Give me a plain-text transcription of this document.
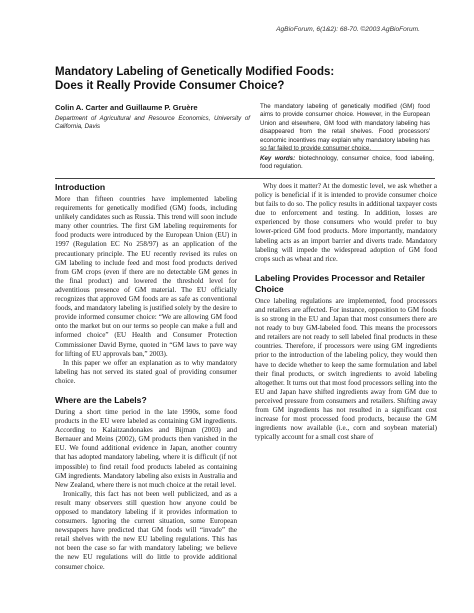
AgBioForum, 6(1&2): 68-70. ©2003 AgBioForum.

Mandatory Labeling of Genetically Modified Foods:
Does it Really Provide Consumer Choice?

Colin A. Carter and Guillaume P. Gruère

Department of Agricultural and Resource Economics, University of California, Davis

The mandatory labeling of genetically modified (GM) food aims to provide consumer choice. However, in the European Union and elsewhere, GM food with mandatory labeling has disappeared from the retail shelves. Food processors' economic incentives may explain why mandatory labeling has so far failed to provide consumer choice.

Key words: biotechnology, consumer choice, food labeling, food regulation.

Introduction

More than fifteen countries have implemented labeling requirements for genetically modified (GM) foods, including unlikely candidates such as Russia. This trend will soon include many other countries. The first GM labeling requirements for food products were introduced by the European Union (EU) in 1997 (Regulation EC No 258/97) as an application of the precautionary principle. The EU recently revised its rules on GM labeling to include feed and most food products derived from GM crops (even if there are no detectable GM genes in the final product) and lowered the threshold level for adventitious presence of GM material. The EU officially recognizes that approved GM foods are as safe as conventional foods, and mandatory labeling is justified solely by the desire to provide informed consumer choice: “We are allowing GM food onto the market but on our terms so people can make a full and informed choice” (EU Health and Consumer Protection Commissioner David Byrne, quoted in “GM laws to pave way for lifting of EU approvals ban,” 2003).

In this paper we offer an explanation as to why mandatory labeling has not served its stated goal of providing consumer choice.

Where are the Labels?

During a short time period in the late 1990s, some food products in the EU were labeled as containing GM ingredients. According to Kalaitzandonakes and Bijman (2003) and Bernauer and Meins (2002), GM products then vanished in the EU. We found additional evidence in Japan, another country that has adopted mandatory labeling, where it is difficult (if not impossible) to find retail food products labeled as containing GM ingredients. Mandatory labeling also exists in Australia and New Zealand, where there is not much choice at the retail level.

Ironically, this fact has not been well publicized, and as a result many observers still question how anyone could be opposed to mandatory labeling if it provides information to consumers. Ignoring the current situation, some European newspapers have predicted that GM foods will “invade” the retail shelves with the new EU labeling regulations. This has not been the case so far with mandatory labeling; we believe the new EU regulations will do little to provide additional consumer choice.

Why does it matter? At the domestic level, we ask whether a policy is beneficial if it is intended to provide consumer choice but fails to do so. The policy results in additional taxpayer costs due to enforcement and testing. In addition, losses are experienced by those consumers who would prefer to buy lower-priced GM food products. More importantly, mandatory labeling acts as an import barrier and diverts trade. Mandatory labeling will impede the widespread adoption of GM food crops such as wheat and rice.

Labeling Provides Processor and Retailer
Choice

Once labeling regulations are implemented, food processors and retailers are affected. For instance, opposition to GM foods is so strong in the EU and Japan that most consumers there are not ready to buy GM-labeled food. This means the processors and retailers are not ready to sell labeled final products in these countries. Therefore, if processors were using GM ingredients prior to the introduction of the labeling policy, they would then have to decide whether to keep the same formulation and label their final products, or switch ingredients to avoid labeling altogether. It turns out that most food processors selling into the EU and Japan have shifted ingredients away from GM due to perceived pressure from consumers and retailers. Shifting away from GM ingredients has not resulted in a significant cost increase for most processed food products, because the GM ingredients now available (i.e., corn and soybean material) typically account for a small cost share of
